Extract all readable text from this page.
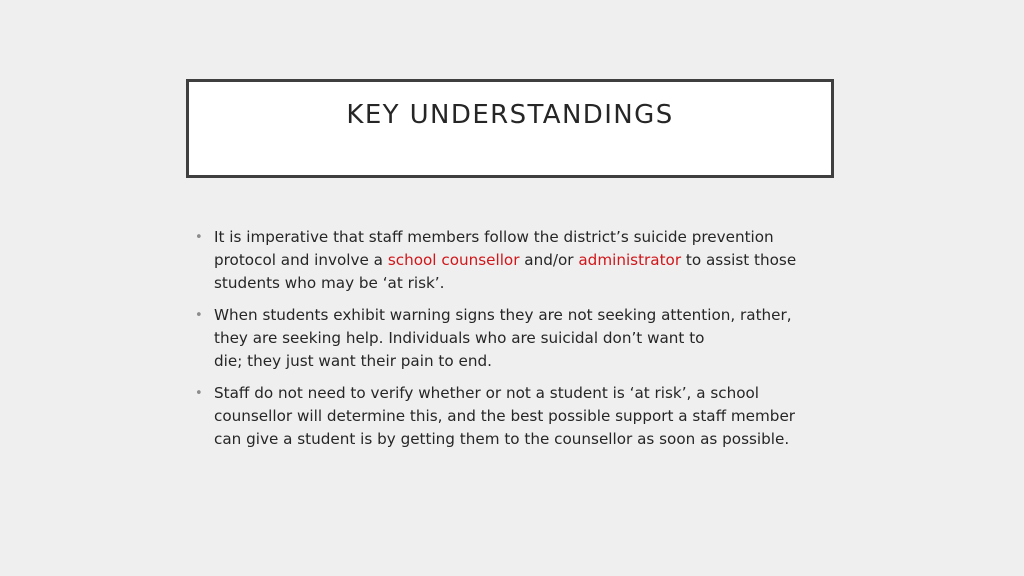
KEY UNDERSTANDINGS
• It is imperative that staff members follow the district’s suicide prevention
protocol and involve a school counsellor and/or administrator to assist those
students who may be ‘at risk’.
• When students exhibit warning signs they are not seeking attention, rather,
they are seeking help. Individuals who are suicidal don’t want to
die; they just want their pain to end.
• Staff do not need to verify whether or not a student is ‘at risk’, a school
counsellor will determine this, and the best possible support a staff member
can give a student is by getting them to the counsellor as soon as possible.
